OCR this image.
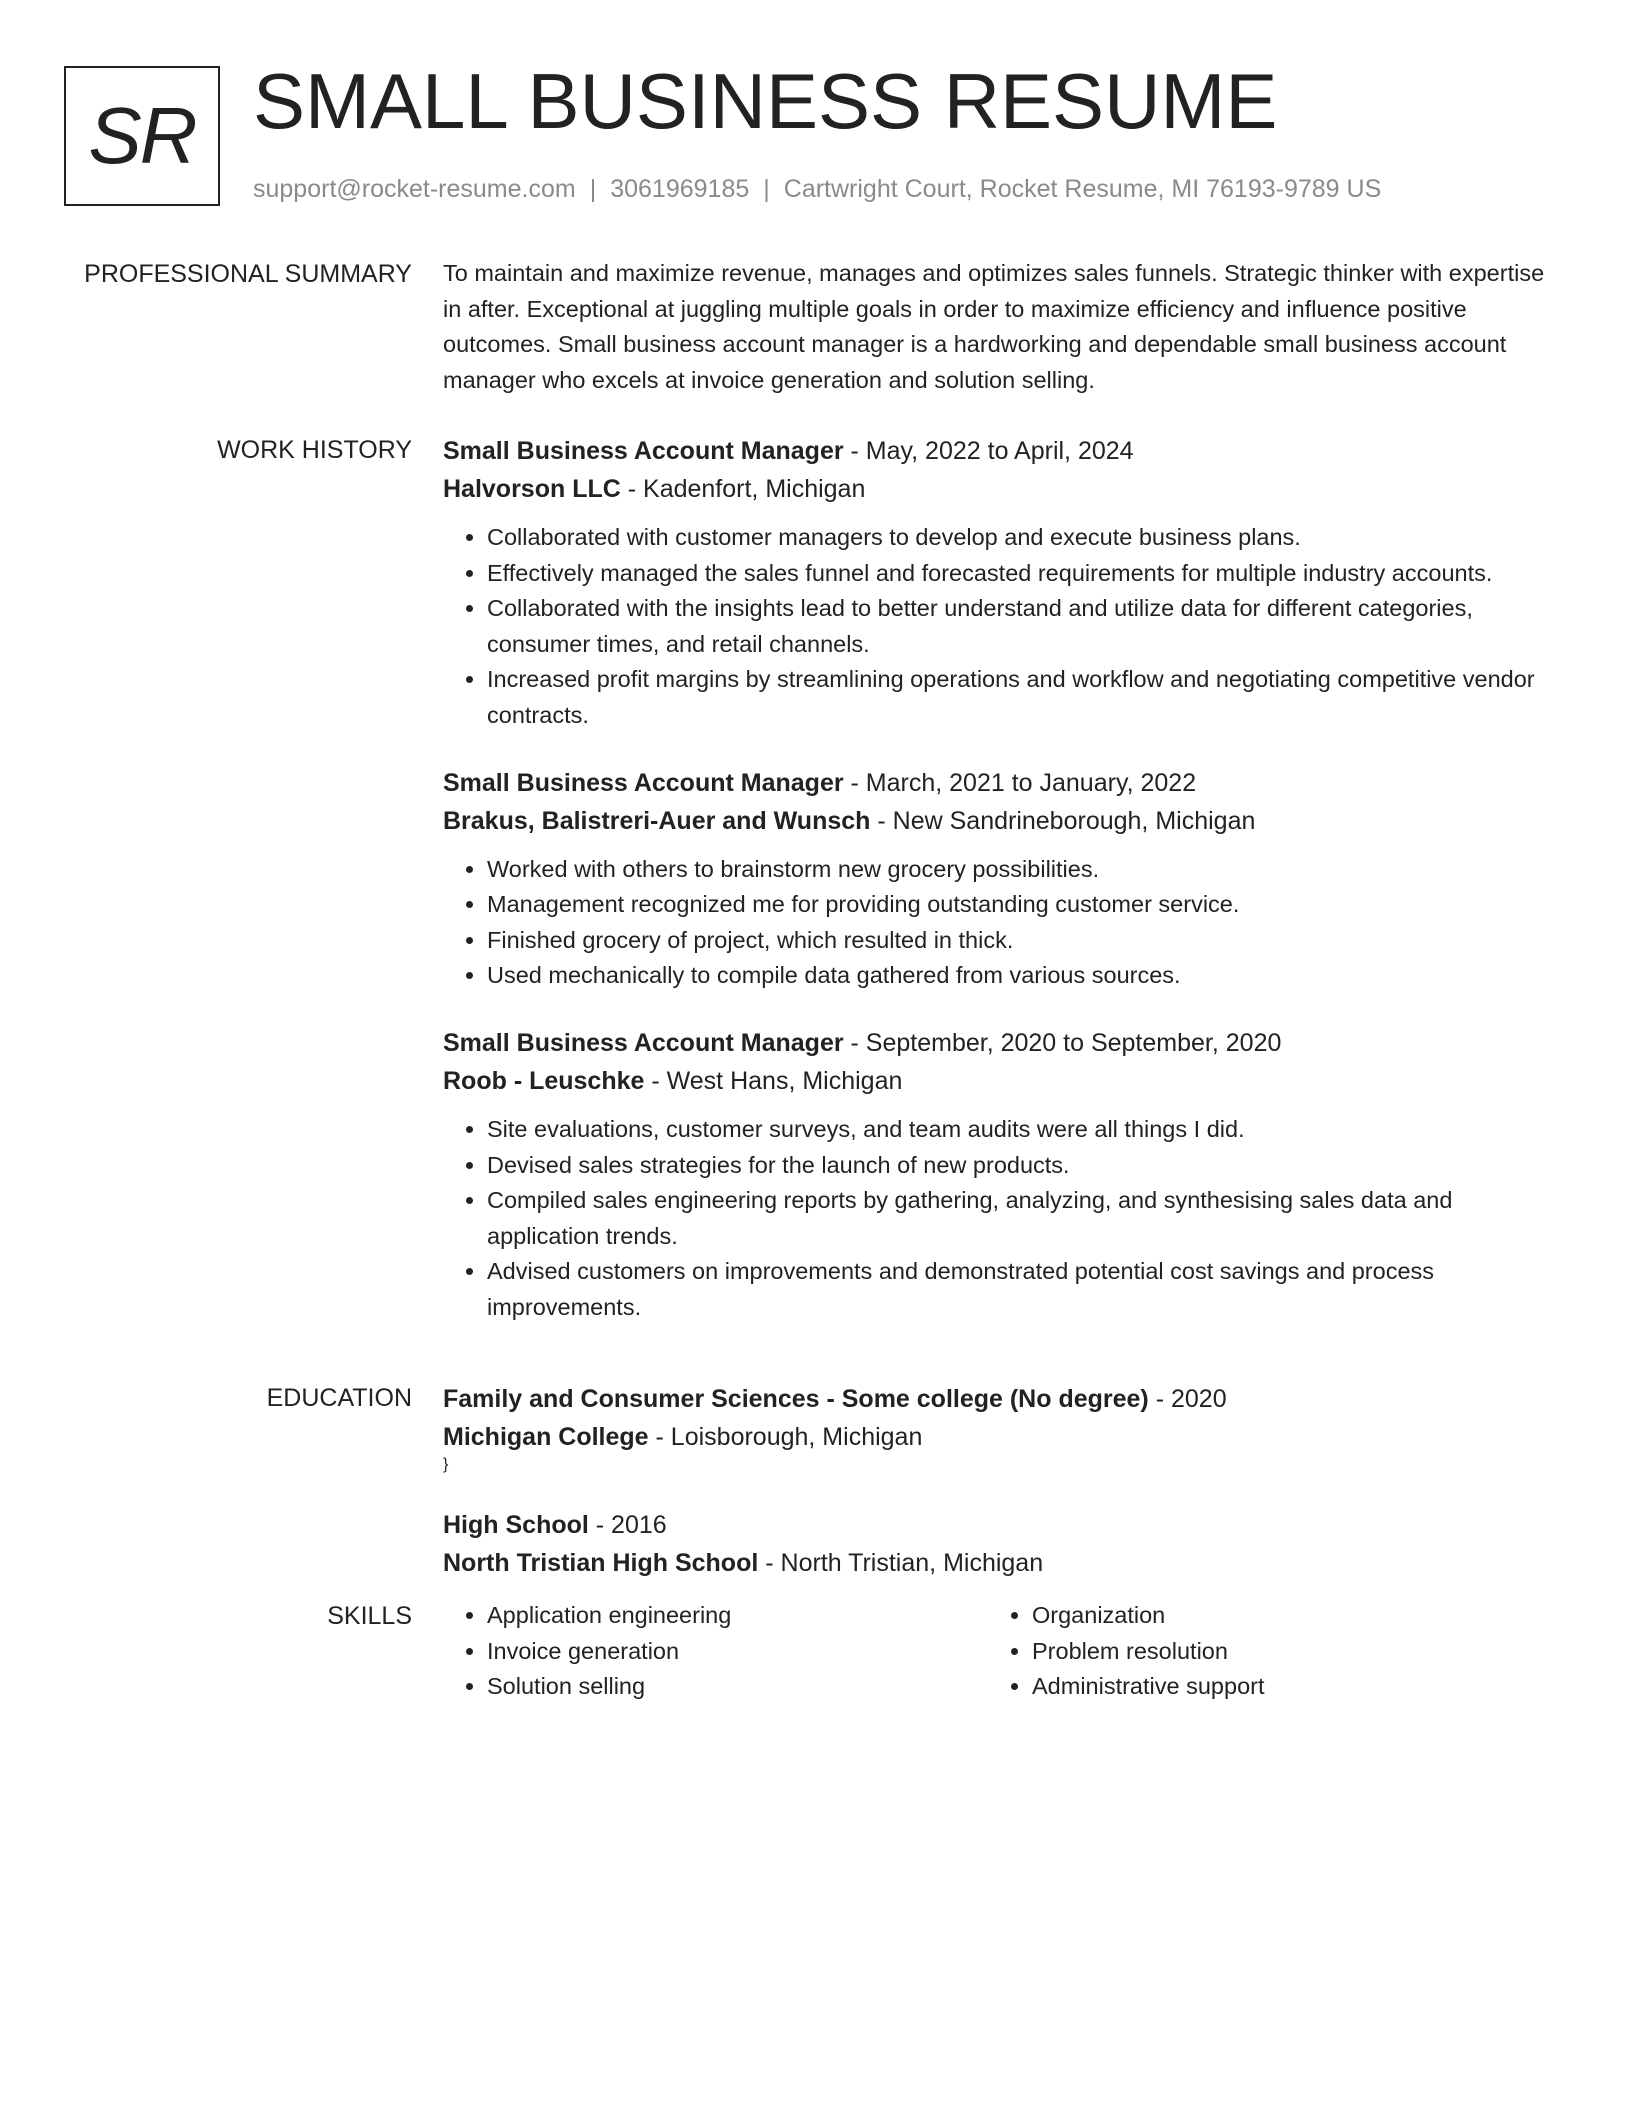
SR SMALL BUSINESS RESUME
support@rocket-resume.com | 3061969185 | Cartwright Court, Rocket Resume, MI 76193-9789 US
PROFESSIONAL SUMMARY To maintain and maximize revenue, manages and optimizes sales funnels. Strategic thinker with expertise in after. Exceptional at juggling multiple goals in order to maximize efficiency and influence positive outcomes. Small business account manager is a hardworking and dependable small business account manager who excels at invoice generation and solution selling.

WORK HISTORY Small Business Account Manager - May, 2022 to April, 2024

Halvorson LLC - Kadenfort, Michigan

• Collaborated with customer managers to develop and execute business plans.
• Effectively managed the sales funnel and forecasted requirements for multiple industry accounts.
• Collaborated with the insights lead to better understand and utilize data for different categories, consumer times, and retail channels.
• Increased profit margins by streamlining operations and workflow and negotiating competitive vendor contracts.

Small Business Account Manager - March, 2021 to January, 2022

Brakus, Balistreri-Auer and Wunsch - New Sandrineborough, Michigan

• Worked with others to brainstorm new grocery possibilities.
• Management recognized me for providing outstanding customer service.
• Finished grocery of project, which resulted in thick.
• Used mechanically to compile data gathered from various sources.

Small Business Account Manager - September, 2020 to September, 2020

Roob - Leuschke - West Hans, Michigan

• Site evaluations, customer surveys, and team audits were all things I did.
• Devised sales strategies for the launch of new products.
• Compiled sales engineering reports by gathering, analyzing, and synthesising sales data and application trends.
• Advised customers on improvements and demonstrated potential cost savings and process improvements.
EDUCATION Family and Consumer Sciences - Some college (No degree) - 2020

Michigan College - Loisborough, Michigan

}

High School - 2016

North Tristian High School - North Tristian, Michigan

SKILLS
•	Application engineering
• Invoice generation
• Solution selling
• Organization
• Problem resolution
• Administrative support
